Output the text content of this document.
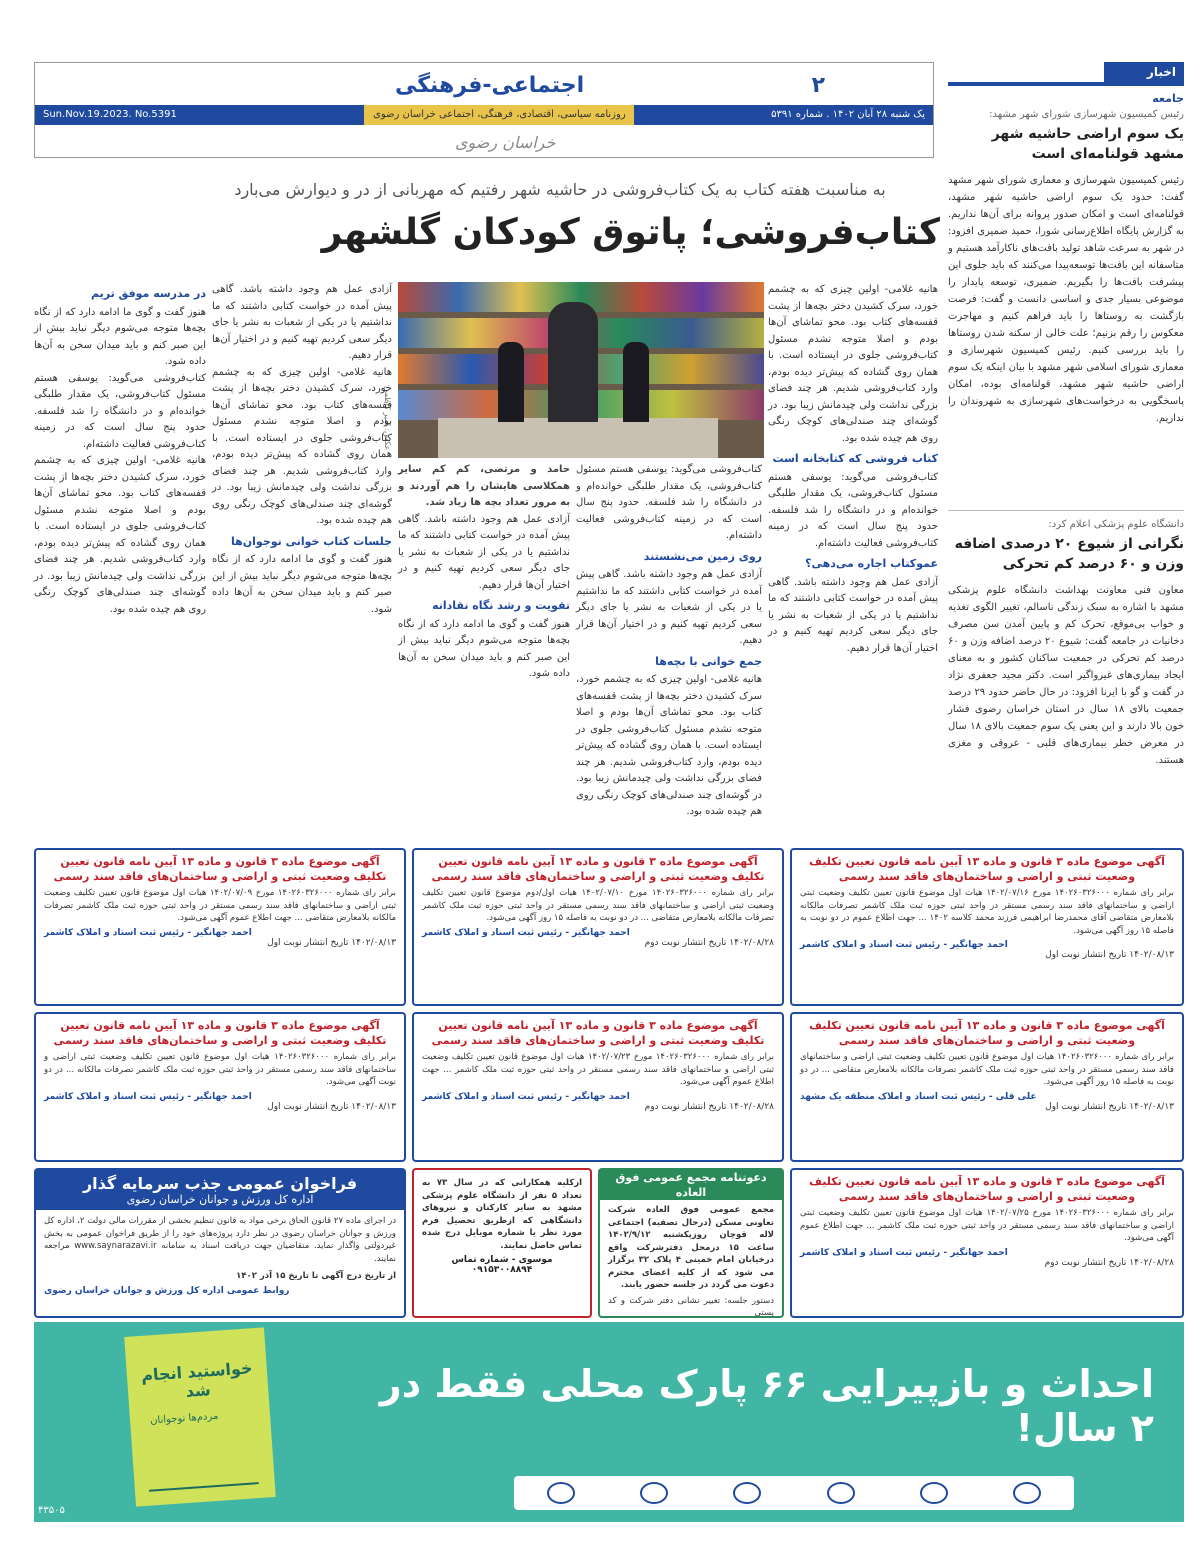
۲
اجتماعی-فرهنگی
یک شنبه ۲۸ آبان ۱۴۰۲ . شماره ۵۳۹۱
روزنامه سیاسی، اقتصادی، فرهنگی، اجتماعی خراسان رضوی
Sun.Nov.19.2023. No.5391
خراسان رضوی
اخبار
جامعه
رئیس کمیسیون شهرسازی شورای شهر مشهد:
یک سوم اراضی حاشیه شهر مشهد قولنامه‌ای است
رئیس کمیسیون شهرسازی و معماری شورای شهر مشهد گفت: حدود یک سوم اراضی حاشیه شهر مشهد، قولنامه‌ای است و امکان صدور پروانه برای آن‌ها نداریم. به گزارش پایگاه اطلاع‌رسانی شورا، حمید ضمیری افزود: در شهر به سرعت شاهد تولید بافت‌های ناکارآمد هستیم و متاسفانه این بافت‌ها توسعه‌پیدا می‌کنند که باید جلوی این پیشرفت بافت‌ها را بگیریم. ضمیری، توسعه پایدار را موضوعی بسیار جدی و اساسی دانست و گفت: فرصت بازگشت به روستاها را باید فراهم کنیم و مهاجرت معکوس را رقم بزنیم؛ علت خالی از سکنه شدن روستاها را باید بررسی کنیم. رئیس کمیسیون شهرسازی و معماری شورای اسلامی شهر مشهد با بیان اینکه یک سوم اراضی حاشیه شهر مشهد، قولنامه‌ای بوده، امکان پاسخگویی به درخواست‌های شهرسازی به شهروندان را نداریم.
دانشگاه علوم پزشکی اعلام کرد:
نگرانی از شیوع ۲۰ درصدی اضافه وزن و ۶۰ درصد کم تحرکی
معاون فنی معاونت بهداشت دانشگاه علوم پزشکی مشهد با اشاره به سبک زندگی ناسالم، تغییر الگوی تغذیه و خواب بی‌موقع، تحرک کم و پایین آمدن سن مصرف دخانیات در جامعه گفت: شیوع ۲۰ درصد اضافه وزن و ۶۰ درصد کم تحرکی در جمعیت ساکنان کشور و به معنای ایجاد بیماری‌های غیرواگیر است. دکتر مجید جعفری نژاد در گفت و گو با ایرنا افزود: در حال حاضر حدود ۲۹ درصد جمعیت بالای ۱۸ سال در استان خراسان رضوی فشار خون بالا دارند و این یعنی یک سوم جمعیت بالای ۱۸ سال در معرض خطر بیماری‌های قلبی - عروقی و مغزی هستند.
به مناسبت هفته کتاب به یک کتاب‌فروشی در حاشیه شهر رفتیم که مهربانی از در و دیوارش می‌بارد
کتاب‌فروشی؛ پاتوق کودکان گلشهر
عکس: امیر کاظمی
هانیه غلامی- اولین چیزی که به چشمم خورد، سرک کشیدن دختر بچه‌ها از پشت قفسه‌های کتاب بود. محو تماشای آن‌ها بودم و اصلا متوجه نشدم مسئول کتاب‌فروشی جلوی در ایستاده است. با همان روی گشاده که پیش‌تر دیده بودم، وارد کتاب‌فروشی شدیم. هر چند فضای بزرگی نداشت ولی چیدمانش زیبا بود. در گوشه‌ای چند صندلی‌های کوچک رنگی روی هم چیده شده بود.
کتاب فروشی که کتابخانه است
کتاب‌فروشی می‌گوید: یوسفی هستم مسئول کتاب‌فروشی، یک مقدار طلبگی خوانده‌ام و در دانشگاه را شد فلسفه. حدود پنج سال است که در زمینه کتاب‌فروشی فعالیت داشته‌ام.
عموکتاب اجاره می‌دهی؟
آزادی عمل هم وجود داشته باشد. گاهی پیش آمده در خواست کتابی داشتند که ما نداشتیم یا در یکی از شعبات به نشر یا جای دیگر سعی کردیم تهیه کنیم و در اختیار آن‌ها قرار دهیم.
کتاب‌فروشی می‌گوید: یوسفی هستم مسئول کتاب‌فروشی، یک مقدار طلبگی خوانده‌ام و در دانشگاه را شد فلسفه. حدود پنج سال است که در زمینه کتاب‌فروشی فعالیت داشته‌ام.
روی زمین می‌نشستند
آزادی عمل هم وجود داشته باشد. گاهی پیش آمده در خواست کتابی داشتند که ما نداشتیم یا در یکی از شعبات به نشر یا جای دیگر سعی کردیم تهیه کنیم و در اختیار آن‌ها قرار دهیم.
جمع خوانی با بچه‌ها
هانیه غلامی- اولین چیزی که به چشمم خورد، سرک کشیدن دختر بچه‌ها از پشت قفسه‌های کتاب بود. محو تماشای آن‌ها بودم و اصلا متوجه نشدم مسئول کتاب‌فروشی جلوی در ایستاده است. با همان روی گشاده که پیش‌تر دیده بودم، وارد کتاب‌فروشی شدیم. هر چند فضای بزرگی نداشت ولی چیدمانش زیبا بود. در گوشه‌ای چند صندلی‌های کوچک رنگی روی هم چیده شده بود.
حامد و مرتضی، کم کم سایر همکلاسی هایشان را هم آوردند و به مرور تعداد بچه ها زیاد شد.
آزادی عمل هم وجود داشته باشد. گاهی پیش آمده در خواست کتابی داشتند که ما نداشتیم یا در یکی از شعبات به نشر یا جای دیگر سعی کردیم تهیه کنیم و در اختیار آن‌ها قرار دهیم.
تقویت و رشد نگاه نقادانه
هنوز گفت و گوی ما ادامه دارد که از نگاه بچه‌ها متوجه می‌شوم دیگر نباید بیش از این صبر کنم و باید میدان سخن به آن‌ها داده شود.
آزادی عمل هم وجود داشته باشد. گاهی پیش آمده در خواست کتابی داشتند که ما نداشتیم یا در یکی از شعبات به نشر یا جای دیگر سعی کردیم تهیه کنیم و در اختیار آن‌ها قرار دهیم.
هانیه غلامی- اولین چیزی که به چشمم خورد، سرک کشیدن دختر بچه‌ها از پشت قفسه‌های کتاب بود. محو تماشای آن‌ها بودم و اصلا متوجه نشدم مسئول کتاب‌فروشی جلوی در ایستاده است. با همان روی گشاده که پیش‌تر دیده بودم، وارد کتاب‌فروشی شدیم. هر چند فضای بزرگی نداشت ولی چیدمانش زیبا بود. در گوشه‌ای چند صندلی‌های کوچک رنگی روی هم چیده شده بود.
جلسات کتاب خوانی نوجوان‌ها
هنوز گفت و گوی ما ادامه دارد که از نگاه بچه‌ها متوجه می‌شوم دیگر نباید بیش از این صبر کنم و باید میدان سخن به آن‌ها داده شود.
در مدرسه موفق تریم
هنوز گفت و گوی ما ادامه دارد که از نگاه بچه‌ها متوجه می‌شوم دیگر نباید بیش از این صبر کنم و باید میدان سخن به آن‌ها داده شود.
کتاب‌فروشی می‌گوید: یوسفی هستم مسئول کتاب‌فروشی، یک مقدار طلبگی خوانده‌ام و در دانشگاه را شد فلسفه. حدود پنج سال است که در زمینه کتاب‌فروشی فعالیت داشته‌ام.
هانیه غلامی- اولین چیزی که به چشمم خورد، سرک کشیدن دختر بچه‌ها از پشت قفسه‌های کتاب بود. محو تماشای آن‌ها بودم و اصلا متوجه نشدم مسئول کتاب‌فروشی جلوی در ایستاده است. با همان روی گشاده که پیش‌تر دیده بودم، وارد کتاب‌فروشی شدیم. هر چند فضای بزرگی نداشت ولی چیدمانش زیبا بود. در گوشه‌ای چند صندلی‌های کوچک رنگی روی هم چیده شده بود.
آگهی موضوع ماده ۳ قانون و ماده ۱۳ آیین نامه قانون تعیین تکلیف وضعیت ثبتی و اراضی و ساختمان‌های فاقد سند رسمی
برابر رای شماره ۱۴۰۲۶۰۳۲۶۰۰۰ مورخ ۱۴۰۲/۰۷/۱۶ هیات اول موضوع قانون تعیین تکلیف وضعیت ثبتی اراضی و ساختمانهای فاقد سند رسمی مستقر در واحد ثبتی حوزه ثبت ملک کاشمر تصرفات مالکانه بلامعارض متقاضی آقای محمدرضا ابراهیمی فرزند محمد کلاسه ۱۴۰۲ ... جهت اطلاع عموم در دو نوبت به فاصله ۱۵ روز آگهی می‌شود.
احمد جهانگیر - رئیس ثبت اسناد و املاک کاشمر
۱۴۰۲/۰۸/۱۳ تاریخ انتشار نوبت اول
آگهی موضوع ماده ۳ قانون و ماده ۱۳ آیین نامه قانون تعیین تکلیف وضعیت ثبتی و اراضی و ساختمان‌های فاقد سند رسمی
برابر رای شماره ۱۴۰۲۶۰۳۲۶۰۰۰ مورخ ۱۴۰۲/۰۷/۱۰ هیات اول/دوم موضوع قانون تعیین تکلیف وضعیت ثبتی اراضی و ساختمانهای فاقد سند رسمی مستقر در واحد ثبتی حوزه ثبت ملک کاشمر تصرفات مالکانه بلامعارض متقاضی ... در دو نوبت به فاصله ۱۵ روز آگهی می‌شود.
احمد جهانگیر - رئیس ثبت اسناد و املاک کاشمر
۱۴۰۲/۰۸/۲۸ تاریخ انتشار نوبت دوم
آگهی موضوع ماده ۳ قانون و ماده ۱۳ آیین نامه قانون تعیین تکلیف وضعیت ثبتی و اراضی و ساختمان‌های فاقد سند رسمی
برابر رای شماره ۱۴۰۲۶۰۳۲۶۰۰۰ مورخ ۱۴۰۲/۰۷/۰۹ هیات اول موضوع قانون تعیین تکلیف وضعیت ثبتی اراضی و ساختمانهای فاقد سند رسمی مستقر در واحد ثبتی حوزه ثبت ملک کاشمر تصرفات مالکانه بلامعارض متقاضی ... جهت اطلاع عموم آگهی می‌شود.
احمد جهانگیر - رئیس ثبت اسناد و املاک کاشمر
۱۴۰۲/۰۸/۱۳ تاریخ انتشار نوبت اول
آگهی موضوع ماده ۳ قانون و ماده ۱۳ آیین نامه قانون تعیین تکلیف وضعیت ثبتی و اراضی و ساختمان‌های فاقد سند رسمی
برابر رای شماره ۱۴۰۲۶۰۳۲۶۰۰۰ هیات اول موضوع قانون تعیین تکلیف وضعیت ثبتی اراضی و ساختمانهای فاقد سند رسمی مستقر در واحد ثبتی حوزه ثبت ملک کاشمر تصرفات مالکانه بلامعارض متقاضی ... در دو نوبت به فاصله ۱۵ روز آگهی می‌شود.
علی قلی - رئیس ثبت اسناد و املاک منطقه یک مشهد
۱۴۰۲/۰۸/۱۳ تاریخ انتشار نوبت اول
آگهی موضوع ماده ۳ قانون و ماده ۱۳ آیین نامه قانون تعیین تکلیف وضعیت ثبتی و اراضی و ساختمان‌های فاقد سند رسمی
برابر رای شماره ۱۴۰۲۶۰۳۲۶۰۰۰ مورخ ۱۴۰۲/۰۷/۲۳ هیات اول موضوع قانون تعیین تکلیف وضعیت ثبتی اراضی و ساختمانهای فاقد سند رسمی مستقر در واحد ثبتی حوزه ثبت ملک کاشمر ... جهت اطلاع عموم آگهی می‌شود.
احمد جهانگیر - رئیس ثبت اسناد و املاک کاشمر
۱۴۰۲/۰۸/۲۸ تاریخ انتشار نوبت دوم
آگهی موضوع ماده ۳ قانون و ماده ۱۳ آیین نامه قانون تعیین تکلیف وضعیت ثبتی و اراضی و ساختمان‌های فاقد سند رسمی
برابر رای شماره ۱۴۰۲۶۰۳۲۶۰۰۰ هیات اول موضوع قانون تعیین تکلیف وضعیت ثبتی اراضی و ساختمانهای فاقد سند رسمی مستقر در واحد ثبتی حوزه ثبت ملک کاشمر تصرفات مالکانه ... در دو نوبت آگهی می‌شود.
احمد جهانگیر - رئیس ثبت اسناد و املاک کاشمر
۱۴۰۲/۰۸/۱۳ تاریخ انتشار نوبت اول
آگهی موضوع ماده ۳ قانون و ماده ۱۳ آیین نامه قانون تعیین تکلیف وضعیت ثبتی و اراضی و ساختمان‌های فاقد سند رسمی
برابر رای شماره ۱۴۰۲۶۰۳۲۶۰۰۰ مورخ ۱۴۰۲/۰۷/۲۵ هیات اول موضوع قانون تعیین تکلیف وضعیت ثبتی اراضی و ساختمانهای فاقد سند رسمی مستقر در واحد ثبتی حوزه ثبت ملک کاشمر ... جهت اطلاع عموم آگهی می‌شود.
احمد جهانگیر - رئیس ثبت اسناد و املاک کاشمر
۱۴۰۲/۰۸/۲۸ تاریخ انتشار نوبت دوم
دعوتنامه مجمع عمومی فوق العاده
مجمع عمومی فوق العاده شرکت تعاونی مسکن (درحال تصفیه) اجتماعی لاله قوچان روزپکشنبه ۱۴۰۲/۹/۱۲ ساعت ۱۵ درمحل دفترشرکت واقع درخیابان امام خمینی ۴ پلاک ۳۲ برگزار می شود که از کلیه اعضای محترم دعوت می گردد در جلسه حضور یابند.
دستور جلسه: تغییر نشانی دفتر شرکت و کد پستی
ازکلیه همکارانی که در سال ۷۳ به تعداد ۵ نفر از دانشگاه علوم پزشکی مشهد به سایر کارکنان و نیروهای دانشگاهی که ازطریق تحصیل فرم مورد نظر یا شماره موبایل درج شده تماس حاصل نمایند.
موسوی - شماره تماس ۰۹۱۵۳۰۰۸۸۹۴
فراخوان عمومی جذب سرمایه گذار
اداره کل ورزش و جوانان خراسان رضوی
در اجرای ماده ۲۷ قانون الحاق برخی مواد به قانون تنظیم بخشی از مقررات مالی دولت ۲، اداره کل ورزش و جوانان خراسان رضوی در نظر دارد پروژه‌های خود را از طریق فراخوان عمومی به بخش غیردولتی واگذار نماید. متقاضیان جهت دریافت اسناد به سامانه www.saynarazavi.ir مراجعه نمایند.
از تاریخ درج آگهی تا تاریخ ۱۵ آذر ۱۴۰۲
روابط عمومی اداره کل ورزش و جوانان خراسان رضوی
احداث و بازپیرایی ۶۶ پارک محلی فقط در ۲ سال!
خواستید انجام شد
مردم‌ها نوجوانان
۴۳۵۰۵
